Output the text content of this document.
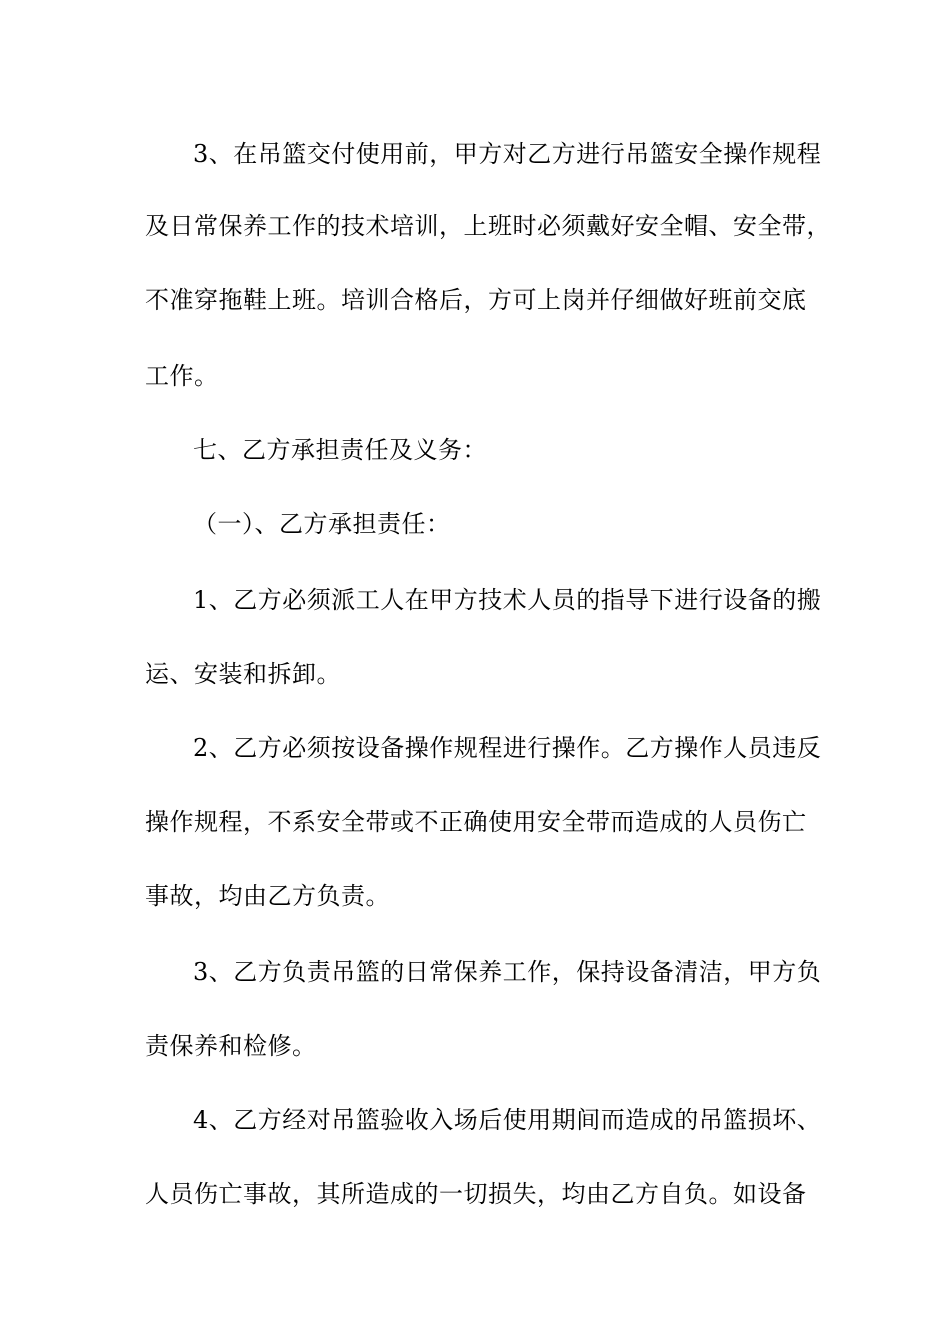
3、在吊篮交付使用前，甲方对乙方进行吊篮安全操作规程
及日常保养工作的技术培训，上班时必须戴好安全帽、安全带，
不准穿拖鞋上班。培训合格后，方可上岗并仔细做好班前交底
工作。
七、乙方承担责任及义务：
（一）、乙方承担责任：
1、乙方必须派工人在甲方技术人员的指导下进行设备的搬
运、安装和拆卸。
2、乙方必须按设备操作规程进行操作。乙方操作人员违反
操作规程，不系安全带或不正确使用安全带而造成的人员伤亡
事故，均由乙方负责。
3、乙方负责吊篮的日常保养工作，保持设备清洁，甲方负
责保养和检修。
4、乙方经对吊篮验收入场后使用期间而造成的吊篮损坏、
人员伤亡事故，其所造成的一切损失，均由乙方自负。如设备
